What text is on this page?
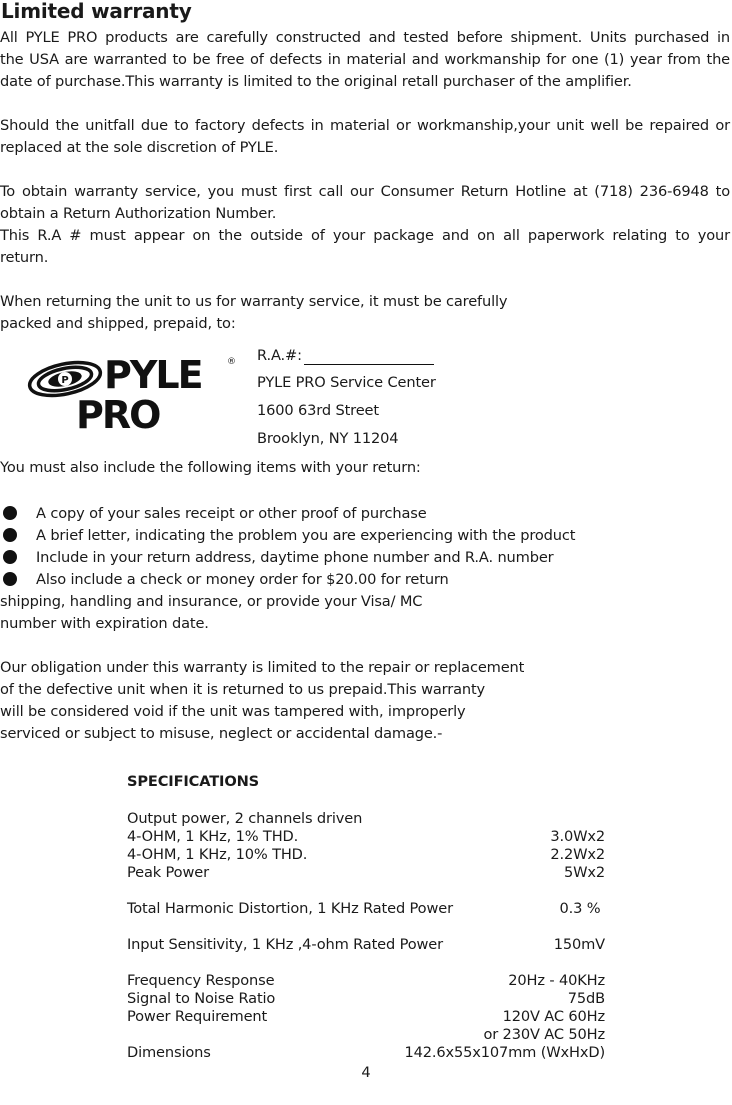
Limited warranty
All PYLE PRO products are carefully constructed and tested before shipment. Units purchased in
the USA are warranted to be free of defects in material and workmanship for one (1) year from the
date of purchase.This warranty is limited to the original retall purchaser of the amplifier.
Should the unitfall due to factory defects in material or workmanship,your unit well be repaired or
replaced at the sole discretion of PYLE.
To obtain warranty service, you must first call our Consumer Return Hotline at (718) 236-6948 to
obtain a Return Authorization Number.
This R.A # must appear on the outside of your package and on all paperwork relating to your
return.
When returning the unit to us for warranty service, it must be carefully
packed and shipped, prepaid, to:
P PYLE	®
PRO
R.A.#:
PYLE PRO Service Center
1600 63rd Street
Brooklyn, NY 11204
You must also include the following items with your return:
A copy of your sales receipt or other proof of purchase
A brief letter, indicating the problem you are experiencing with the product
Include in your return address, daytime phone number and R.A. number
Also include a check or money order for $20.00 for return
shipping, handling and insurance, or provide your Visa/ MC
number with expiration date.
Our obligation under this warranty is limited to the repair or replacement
of the defective unit when it is returned to us prepaid.This warranty
will be considered void if the unit was tampered with, improperly
serviced or subject to misuse, neglect or accidental damage.-
SPECIFICATIONS
Output power, 2 channels driven
4-OHM, 1 KHz, 1% THD.	3.0Wx2
4-OHM, 1 KHz, 10% THD.	2.2Wx2
Peak Power	5Wx2
Total Harmonic Distortion, 1 KHz Rated Power	0.3 %
Input Sensitivity, 1 KHz ,4-ohm Rated Power	150mV
Frequency Response	20Hz - 40KHz
Signal to Noise Ratio	75dB
Power Requirement	120V AC 60Hz
or 230V AC 50Hz
Dimensions	142.6x55x107mm (WxHxD)
4
